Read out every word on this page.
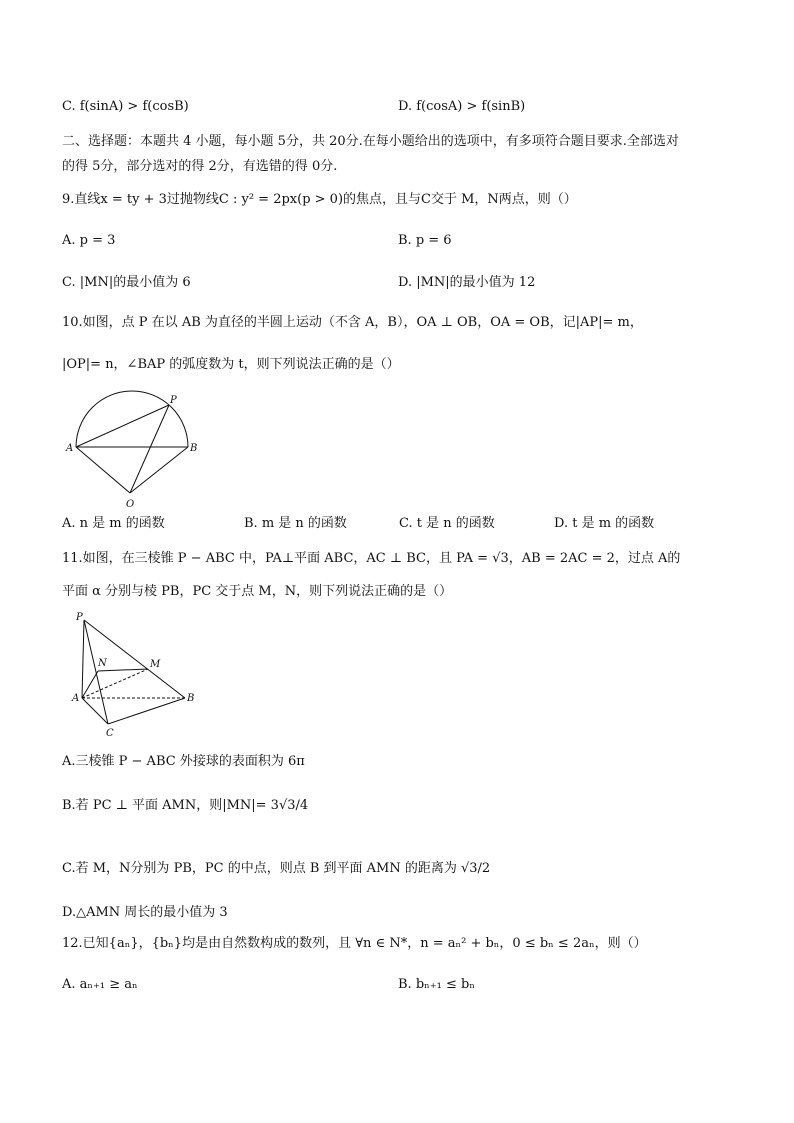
C. f(sinA) > f(cosB)	D. f(cosA) > f(sinB)
二、选择题：本题共 4 小题，每小题 5分，共 20分.在每小题给出的选项中，有多项符合题目要求.全部选对
的得 5分，部分选对的得 2分，有选错的得 0分.
9.直线x = ty + 3过抛物线C : y² = 2px(p > 0)的焦点，且与C交于 M，N两点，则（）
A. p = 3	B. p = 6
C. |MN|的最小值为 6	D. |MN|的最小值为 12
10.如图，点 P 在以 AB 为直径的半圆上运动（不含 A，B），OA ⊥ OB，OA = OB，记|AP|= m，
|OP|= n，∠BAP 的弧度数为 t，则下列说法正确的是（）
P
A	B
O
A. n 是 m 的函数	B. m 是 n 的函数	C. t 是 n 的函数	D. t 是 m 的函数
11.如图，在三棱锥 P − ABC 中，PA⊥平面 ABC，AC ⊥ BC，且 PA = √3，AB = 2AC = 2，过点 A的
平面 α 分别与棱 PB，PC 交于点 M，N，则下列说法正确的是（）
P
N	M
A	B
C
A.三棱锥 P − ABC 外接球的表面积为 6π
B.若 PC ⊥ 平面 AMN，则|MN|= 3√3/4
C.若 M，N分别为 PB，PC 的中点，则点 B 到平面 AMN 的距离为 √3/2
D.△AMN 周长的最小值为 3
12.已知{aₙ}，{bₙ}均是由自然数构成的数列，且 ∀n ∈ N*，n = aₙ² + bₙ，0 ≤ bₙ ≤ 2aₙ，则（）
A. aₙ₊₁ ≥ aₙ	B. bₙ₊₁ ≤ bₙ
